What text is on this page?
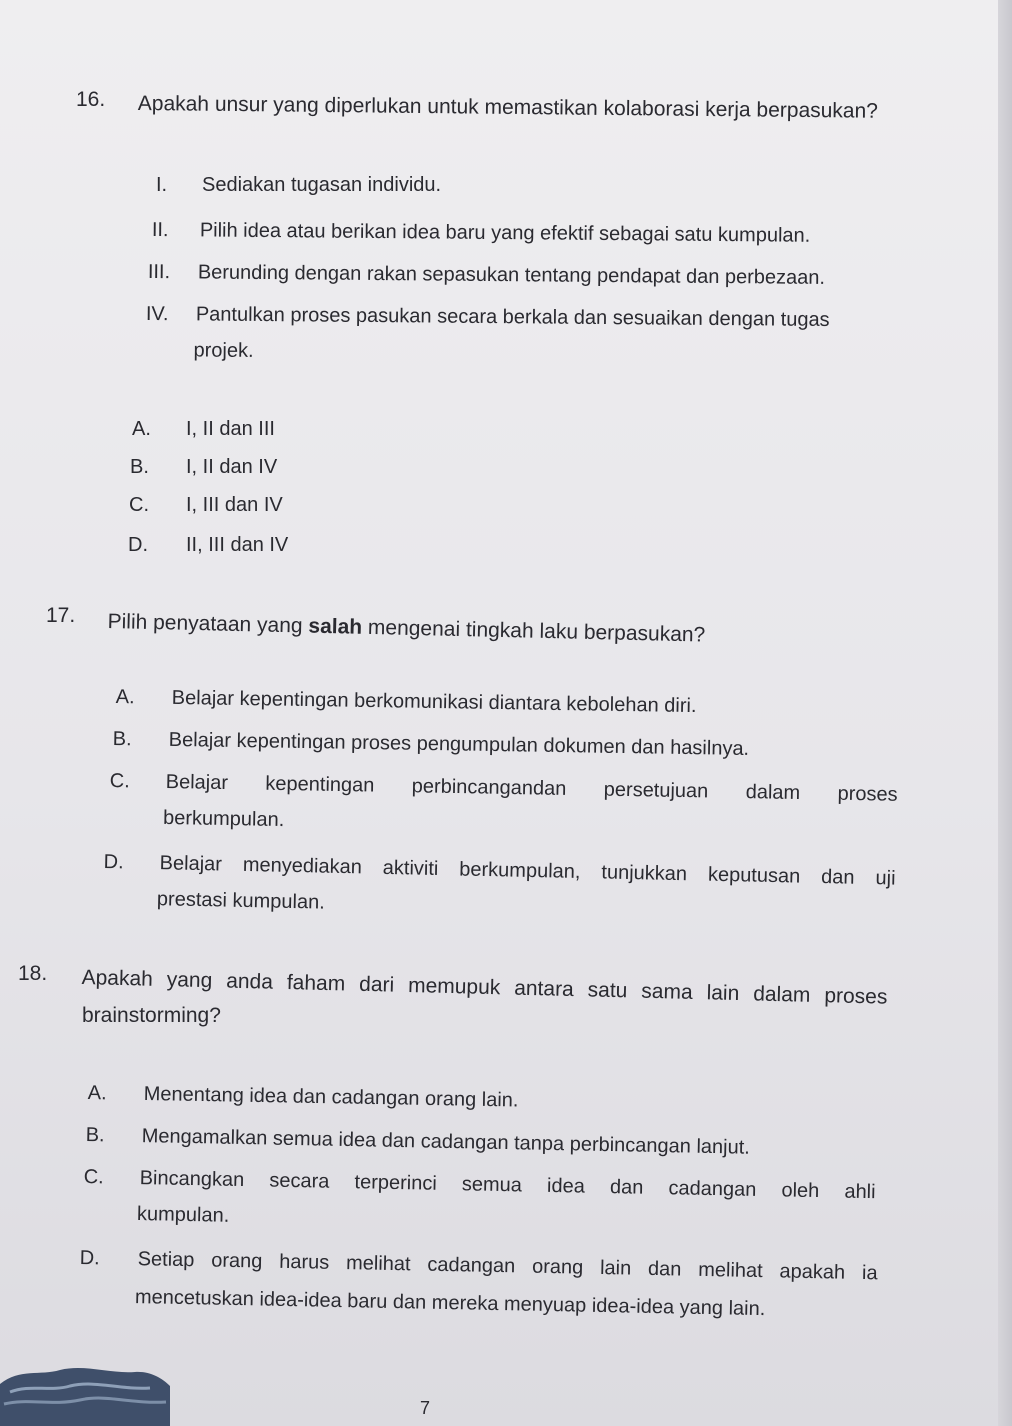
16. Apakah unsur yang diperlukan untuk memastikan kolaborasi kerja berpasukan?
I. Sediakan tugasan individu.
II. Pilih idea atau berikan idea baru yang efektif sebagai satu kumpulan.
III. Berunding dengan rakan sepasukan tentang pendapat dan perbezaan.
IV. Pantulkan proses pasukan secara berkala dan sesuaikan dengan tugas
projek.
A. I, II dan III
B. I, II dan IV
C. I, III dan IV
D. II, III dan IV
17. Pilih penyataan yang salah mengenai tingkah laku berpasukan?
A. Belajar kepentingan berkomunikasi diantara kebolehan diri.
B. Belajar kepentingan proses pengumpulan dokumen dan hasilnya.
C. Belajar kepentingan perbincangandan persetujuan dalam proses
berkumpulan.
D. Belajar menyediakan aktiviti berkumpulan, tunjukkan keputusan dan uji
prestasi kumpulan.
18. Apakah yang anda faham dari memupuk antara satu sama lain dalam proses
brainstorming?
A. Menentang idea dan cadangan orang lain.
B. Mengamalkan semua idea dan cadangan tanpa perbincangan lanjut.
C. Bincangkan secara terperinci semua idea dan cadangan oleh ahli
kumpulan.
D. Setiap orang harus melihat cadangan orang lain dan melihat apakah ia
mencetuskan idea-idea baru dan mereka menyuap idea-idea yang lain.
7
